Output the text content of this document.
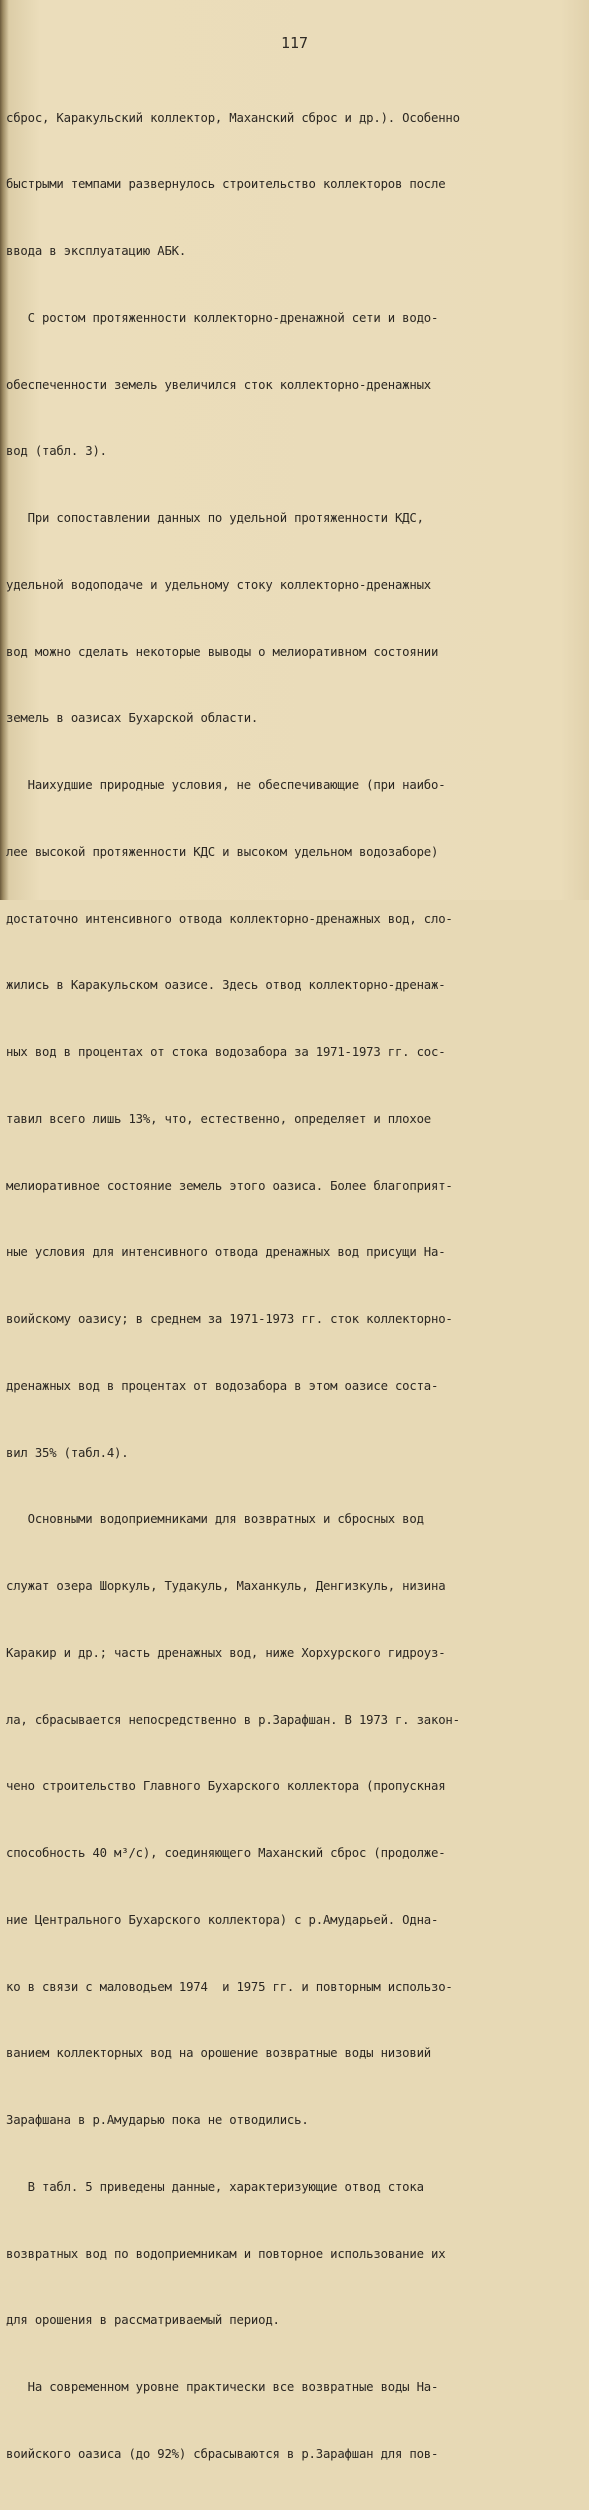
117

сброс, Каракульский коллектор, Маханский сброс и др.). Особенно

быстрыми темпами развернулось строительство коллекторов после

ввода в эксплуатацию АБК.

С ростом протяженности коллекторно-дренажной сети и водо-

обеспеченности земель увеличился сток коллекторно-дренажных

вод (табл. 3).

При сопоставлении данных по удельной протяженности КДС,

удельной водоподаче и удельному стоку коллекторно-дренажных

вод можно сделать некоторые выводы о мелиоративном состоянии

земель в оазисах Бухарской области.

Наихудшие природные условия, не обеспечивающие (при наибо-

лее высокой протяженности КДС и высоком удельном водозаборе)

достаточно интенсивного отвода коллекторно-дренажных вод, сло-

жились в Каракульском оазисе. Здесь отвод коллекторно-дренаж-

ных вод в процентах от стока водозабора за 1971-1973 гг. сос-

тавил всего лишь 13%, что, естественно, определяет и плохое

мелиоративное состояние земель этого оазиса. Более благоприят-

ные условия для интенсивного отвода дренажных вод присущи На-

воийскому оазису; в среднем за 1971-1973 гг. сток коллекторно-

дренажных вод в процентах от водозабора в этом оазисе соста-

вил 35% (табл.4).

Основными водоприемниками для возвратных и сбросных вод

служат озера Шоркуль, Тудакуль, Маханкуль, Денгизкуль, низина

Каракир и др.; часть дренажных вод, ниже Хорхурского гидроуз-

ла, сбрасывается непосредственно в р.Зарафшан. В 1973 г. закон-

чено строительство Главного Бухарского коллектора (пропускная

способность 40 м³/с), соединяющего Маханский сброс (продолже-

ние Центрального Бухарского коллектора) с р.Амударьей. Одна-

ко в связи с маловодьем 1974  и 1975 гг. и повторным использо-

ванием коллекторных вод на орошение возвратные воды низовий

Зарафшана в р.Амударью пока не отводились.

В табл. 5 приведены данные, характеризующие отвод стока

возвратных вод по водоприемникам и повторное использование их

для орошения в рассматриваемый период.

На современном уровне практически все возвратные воды На-

воийского оазиса (до 92%) сбрасываются в р.Зарафшан для пов-
